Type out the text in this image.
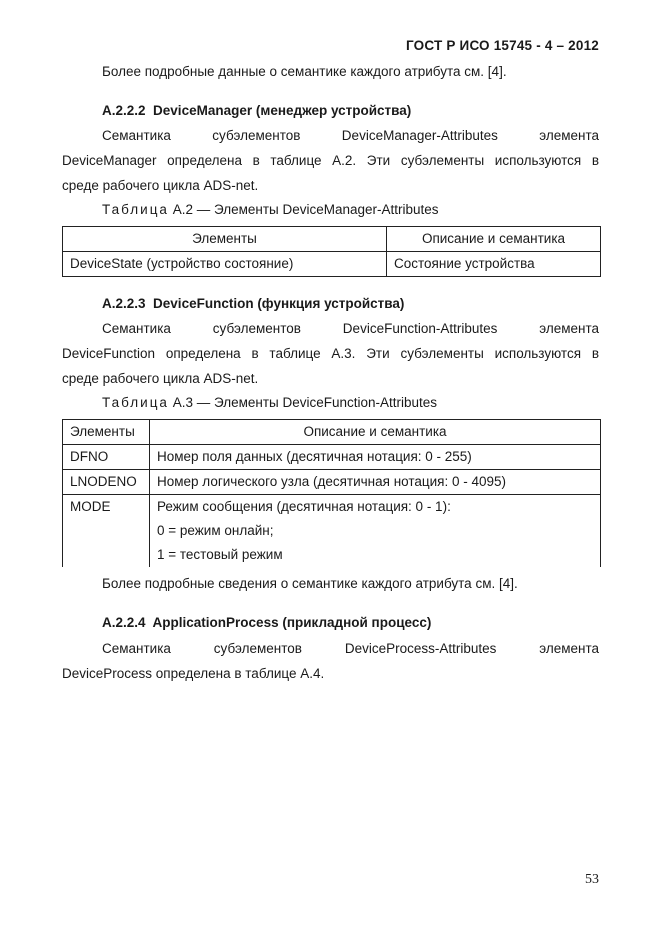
ГОСТ Р ИСО 15745 - 4 – 2012
Более подробные данные о семантике каждого атрибута см. [4].
A.2.2.2 DeviceManager (менеджер устройства)
Семантика субэлементов DeviceManager-Attributes элемента
DeviceManager определена в таблице А.2. Эти субэлементы используются в
среде рабочего цикла ADS-net.
Таблица А.2 — Элементы DeviceManager-Attributes
Элементы	Описание и семантика
DeviceState (устройство состояние)	Состояние устройства
A.2.2.3 DeviceFunction (функция устройства)
Семантика субэлементов DeviceFunction-Attributes элемента
DeviceFunction определена в таблице А.3. Эти субэлементы используются в
среде рабочего цикла ADS-net.
Таблица А.3 — Элементы DeviceFunction-Attributes
Элементы	Описание и семантика
DFNO	Номер поля данных (десятичная нотация: 0 - 255)
LNODENO	Номер логического узла (десятичная нотация: 0 - 4095)
MODE	Режим сообщения (десятичная нотация: 0 - 1):
0 = режим онлайн;
1 = тестовый режим
Более подробные сведения о семантике каждого атрибута см. [4].
A.2.2.4 ApplicationProcess (прикладной процесс)
Семантика субэлементов DeviceProcess-Attributes элемента
DeviceProcess определена в таблице А.4.
53
